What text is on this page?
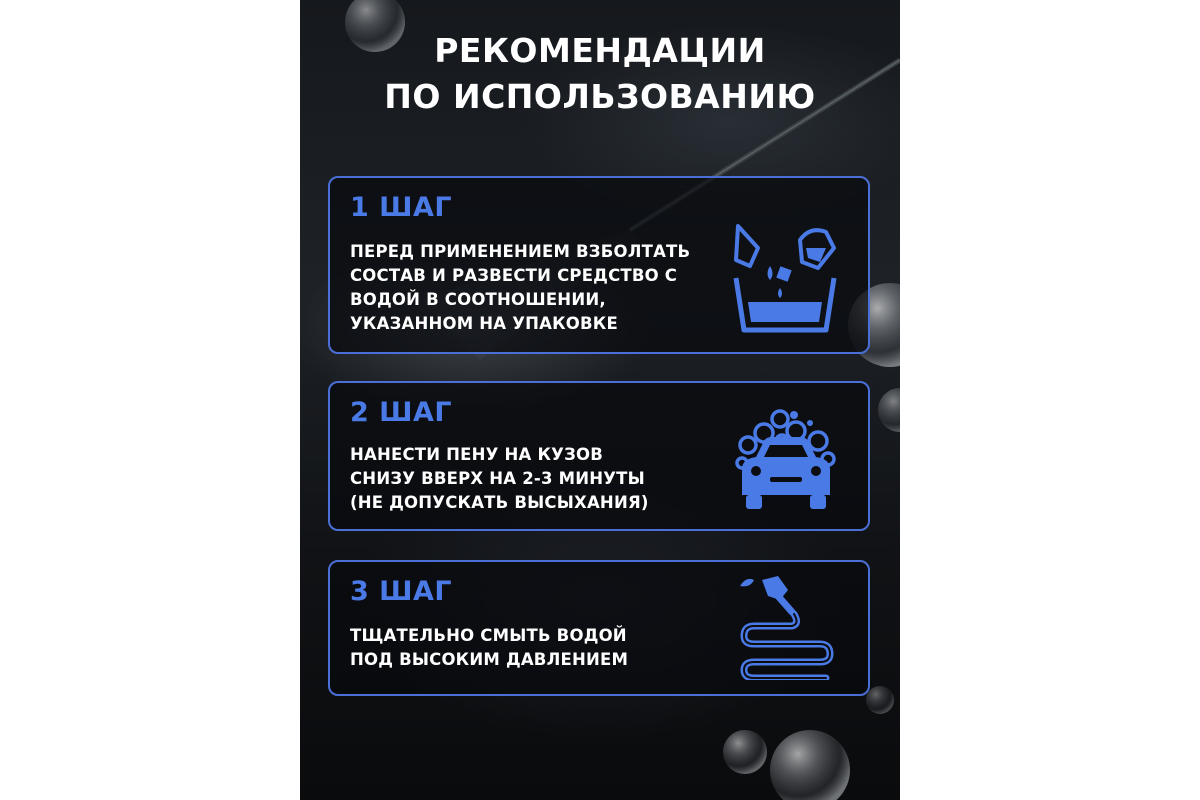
РЕКОМЕНДАЦИИ
ПО ИСПОЛЬЗОВАНИЮ
1 ШАГ
ПЕРЕД ПРИМЕНЕНИЕМ ВЗБОЛТАТЬ
СОСТАВ И РАЗВЕСТИ СРЕДСТВО С
ВОДОЙ В СООТНОШЕНИИ,
УКАЗАННОМ НА УПАКОВКЕ
2 ШАГ
НАНЕСТИ ПЕНУ НА КУЗОВ
СНИЗУ ВВЕРХ НА 2-3 МИНУТЫ
(НЕ ДОПУСКАТЬ ВЫСЫХАНИЯ)
3 ШАГ
ТЩАТЕЛЬНО СМЫТЬ ВОДОЙ
ПОД ВЫСОКИМ ДАВЛЕНИЕМ
